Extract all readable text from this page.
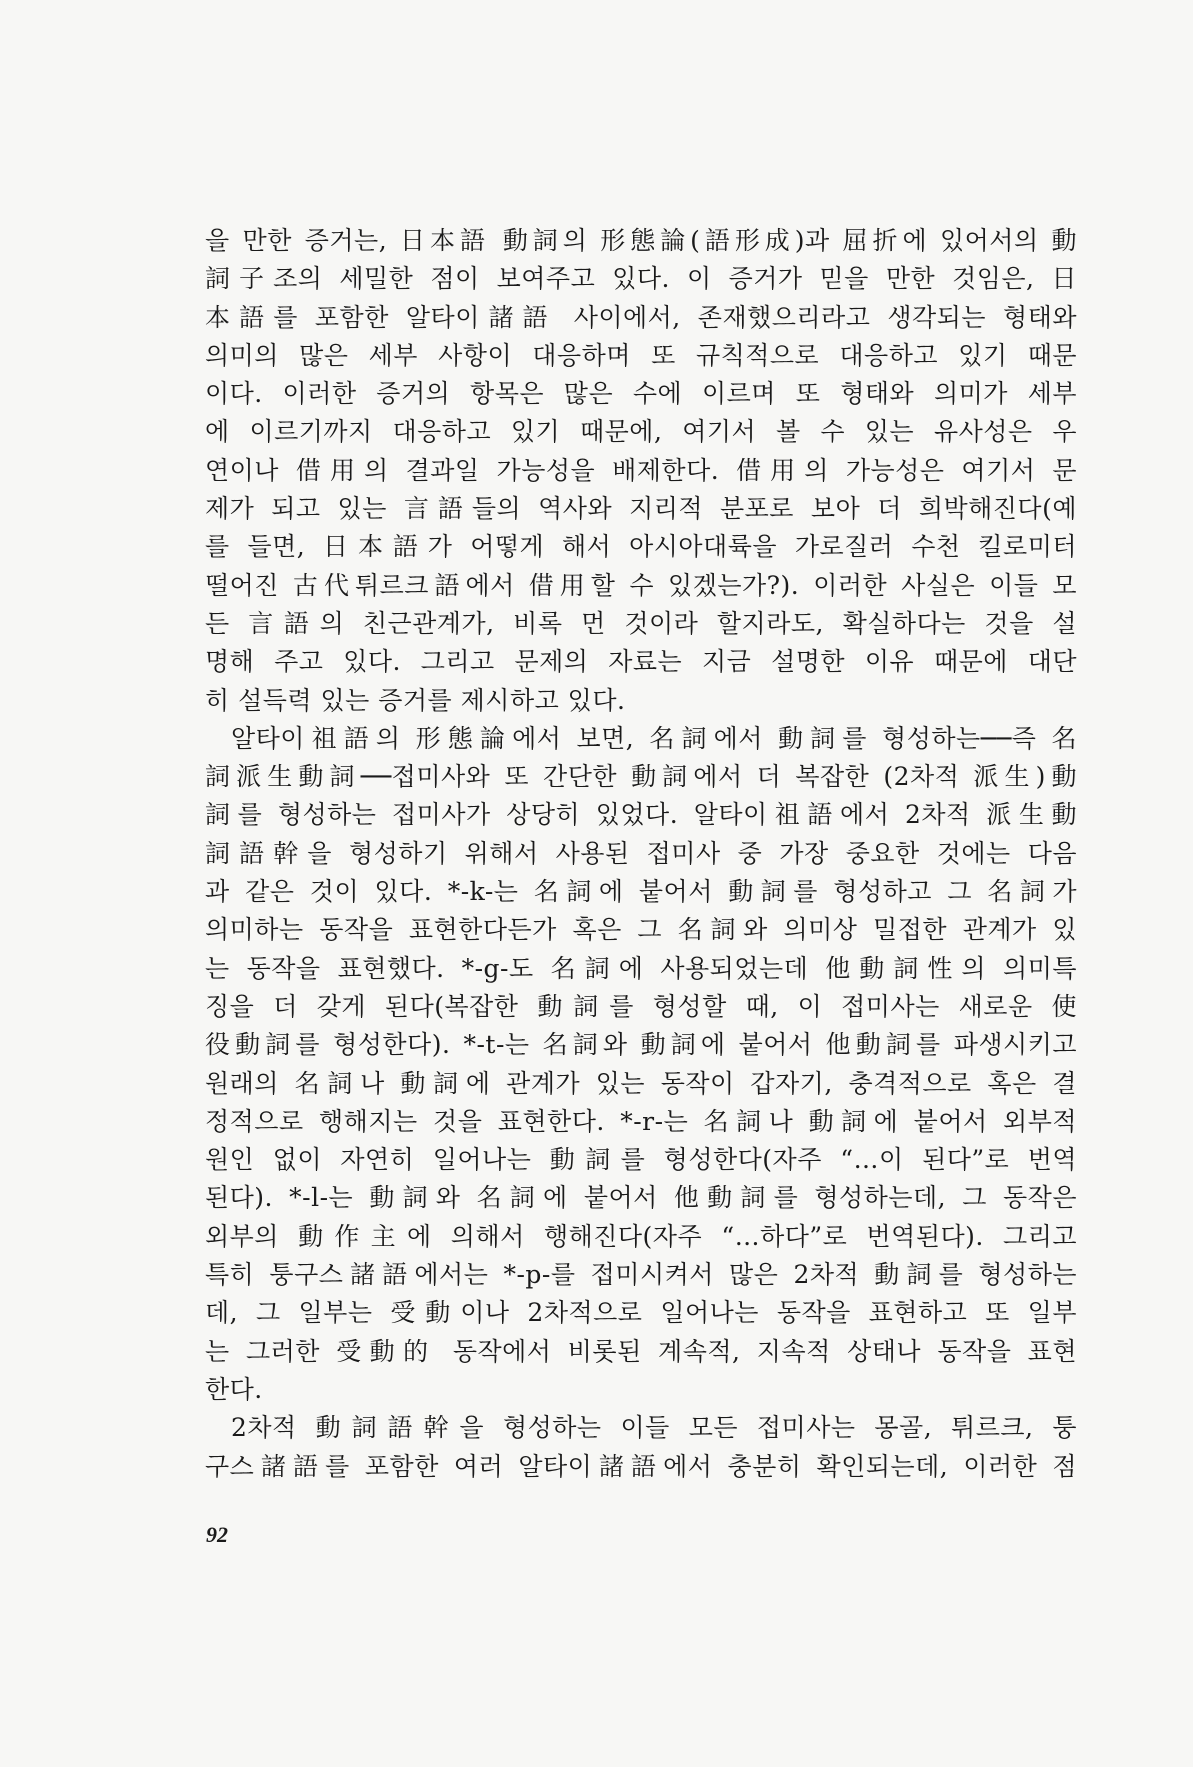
을 만한 증거는, 日本語 動詞의 形態論(語形成)과 屈折에 있어서의 動
詞子조의 세밀한 점이 보여주고 있다. 이 증거가 믿을 만한 것임은, 日
本語를 포함한 알타이諸語 사이에서, 존재했으리라고 생각되는 형태와
의미의 많은 세부 사항이 대응하며 또 규칙적으로 대응하고 있기 때문
이다. 이러한 증거의 항목은 많은 수에 이르며 또 형태와 의미가 세부
에 이르기까지 대응하고 있기 때문에, 여기서 볼 수 있는 유사성은 우
연이나 借用의 결과일 가능성을 배제한다. 借用의 가능성은 여기서 문
제가 되고 있는 言語들의 역사와 지리적 분포로 보아 더 희박해진다(예
를 들면, 日本語가 어떻게 해서 아시아대륙을 가로질러 수천 킬로미터
떨어진 古代튀르크語에서 借用할 수 있겠는가?). 이러한 사실은 이들 모
든 言語의 친근관계가, 비록 먼 것이라 할지라도, 확실하다는 것을 설
명해 주고 있다. 그리고 문제의 자료는 지금 설명한 이유 때문에 대단
히 설득력 있는 증거를 제시하고 있다.
알타이祖語의 形態論에서 보면, 名詞에서 動詞를 형성하는──즉 名
詞派生動詞──접미사와 또 간단한 動詞에서 더 복잡한 (2차적 派生)動
詞를 형성하는 접미사가 상당히 있었다. 알타이祖語에서 2차적 派生動
詞語幹을 형성하기 위해서 사용된 접미사 중 가장 중요한 것에는 다음
과 같은 것이 있다. *-k-는 名詞에 붙어서 動詞를 형성하고 그 名詞가
의미하는 동작을 표현한다든가 혹은 그 名詞와 의미상 밀접한 관계가 있
는 동작을 표현했다. *-g-도 名詞에 사용되었는데 他動詞性의 의미특
징을 더 갖게 된다(복잡한 動詞를 형성할 때, 이 접미사는 새로운 使
役動詞를 형성한다). *-t-는 名詞와 動詞에 붙어서 他動詞를 파생시키고
원래의 名詞나 動詞에 관계가 있는 동작이 갑자기, 충격적으로 혹은 결
정적으로 행해지는 것을 표현한다. *-r-는 名詞나 動詞에 붙어서 외부적
원인 없이 자연히 일어나는 動詞를 형성한다(자주 “…이 된다”로 번역
된다). *-l-는 動詞와 名詞에 붙어서 他動詞를 형성하는데, 그 동작은
외부의 動作主에 의해서 행해진다(자주 “…하다”로 번역된다). 그리고
특히 퉁구스諸語에서는 *-p-를 접미시켜서 많은 2차적 動詞를 형성하는
데, 그 일부는 受動이나 2차적으로 일어나는 동작을 표현하고 또 일부
는 그러한 受動的 동작에서 비롯된 계속적, 지속적 상태나 동작을 표현
한다.
2차적 動詞語幹을 형성하는 이들 모든 접미사는 몽골, 튀르크, 퉁
구스諸語를 포함한 여러 알타이諸語에서 충분히 확인되는데, 이러한 점
92
